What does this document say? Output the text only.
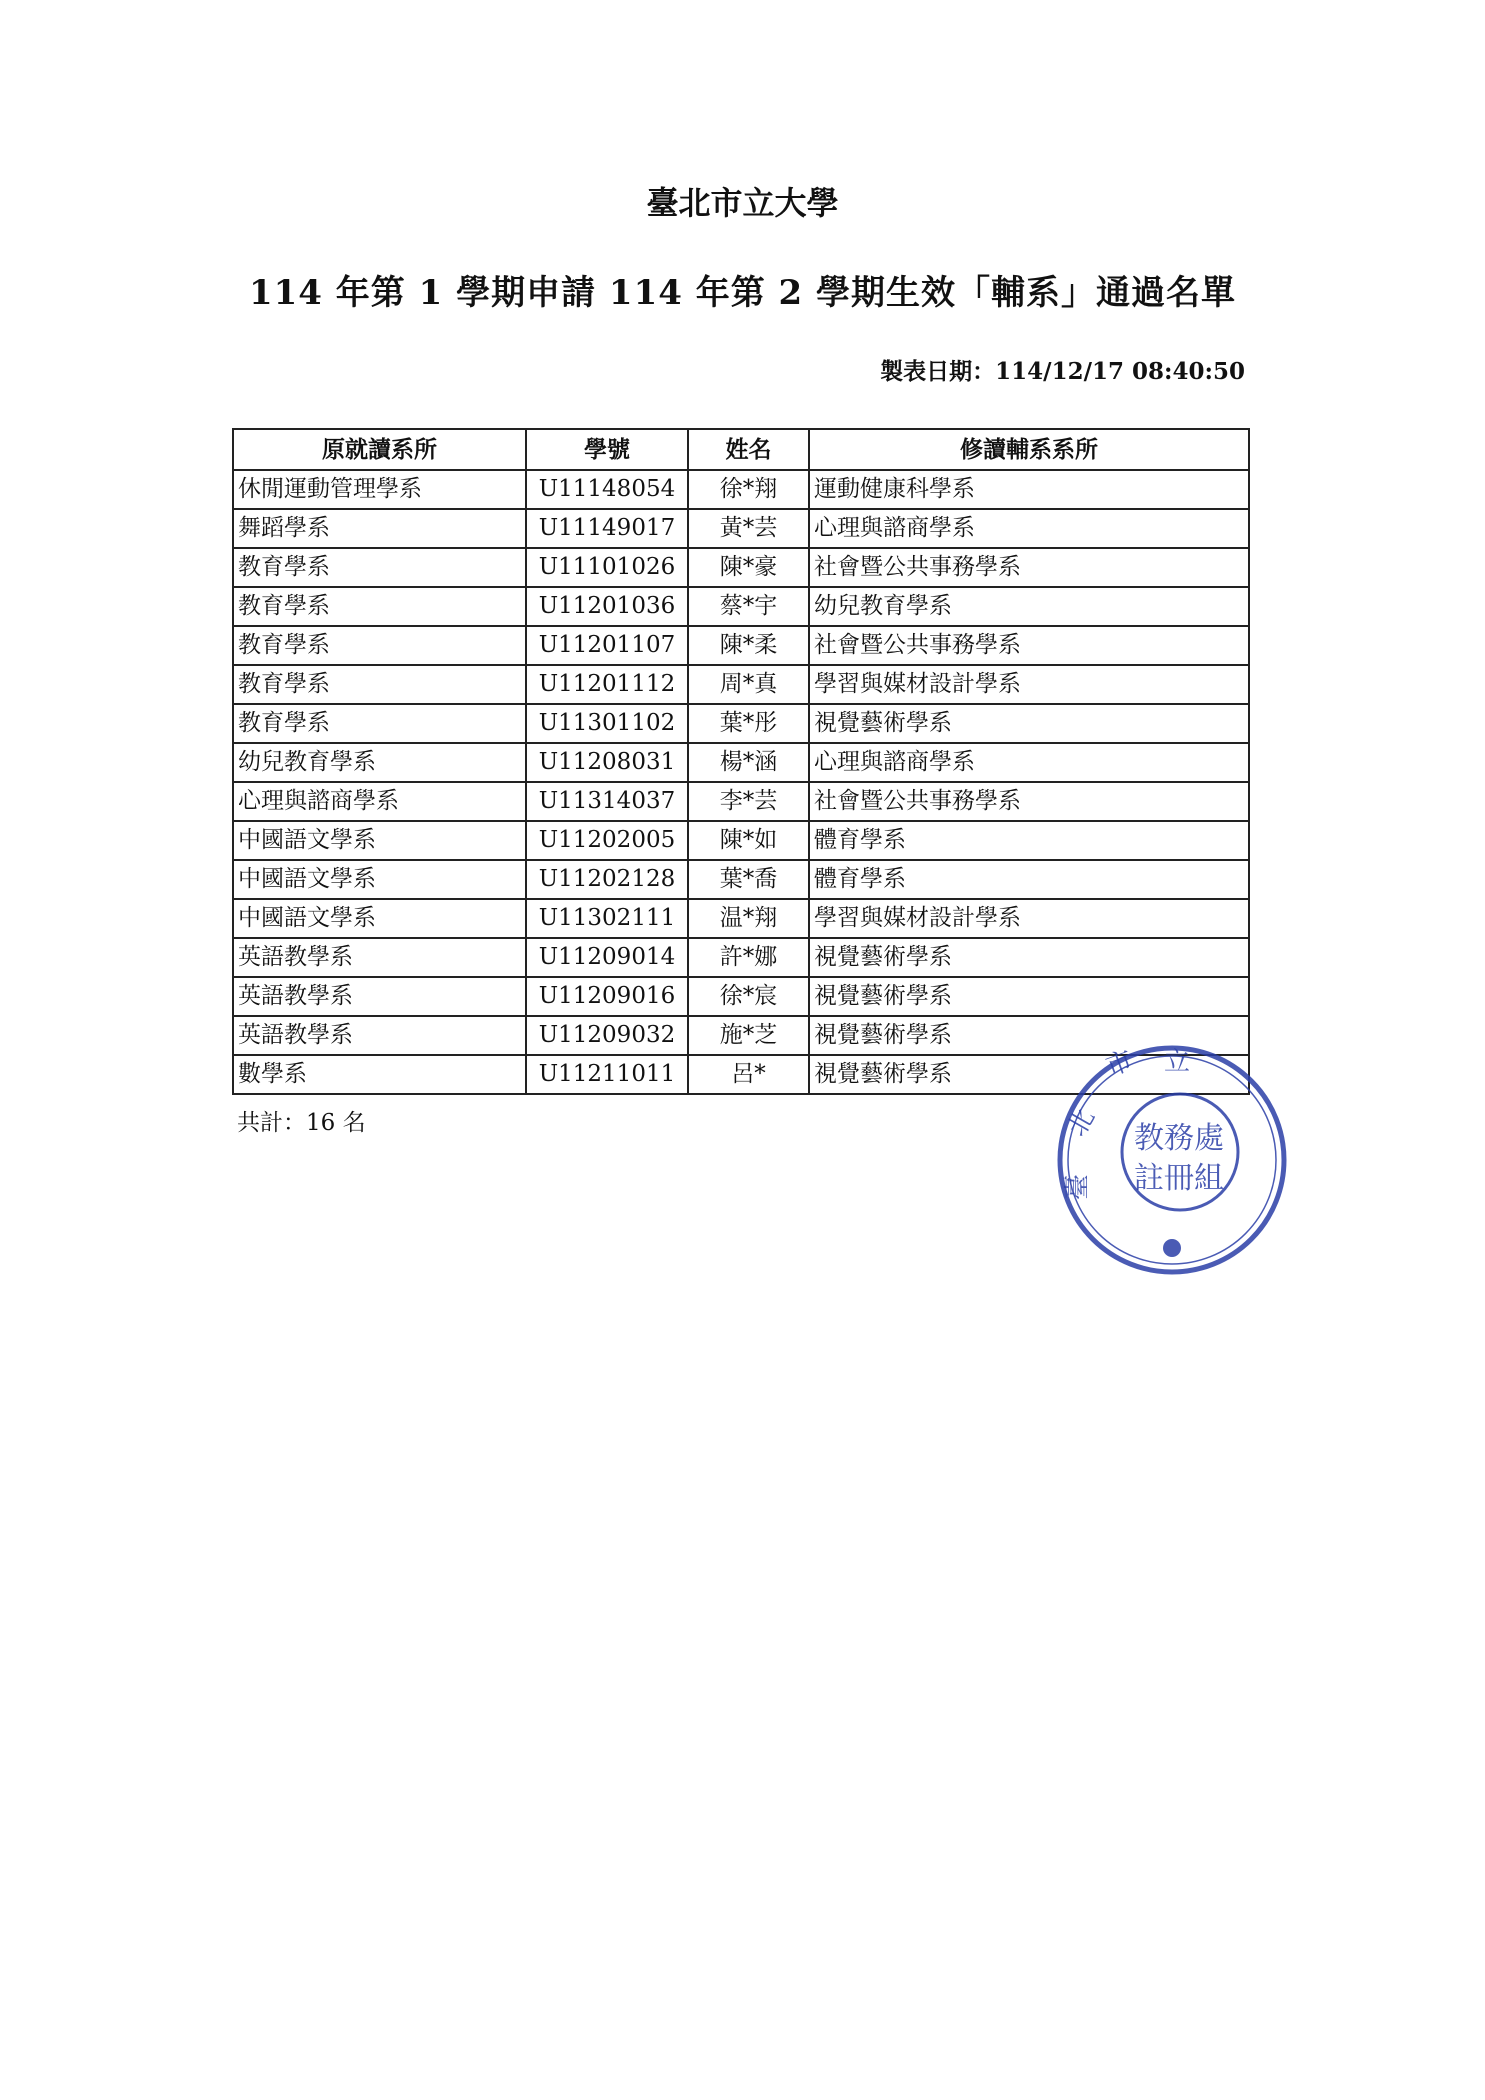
臺北市立大學
114 年第 1 學期申請 114 年第 2 學期生效「輔系」通過名單
製表日期：114/12/17 08:40:50
原就讀系所	學號	姓名	修讀輔系系所
休閒運動管理學系	U11148054	徐*翔	運動健康科學系
舞蹈學系	U11149017	黃*芸	心理與諮商學系
教育學系	U11101026	陳*豪	社會暨公共事務學系
教育學系	U11201036	蔡*宇	幼兒教育學系
教育學系	U11201107	陳*柔	社會暨公共事務學系
教育學系	U11201112	周*真	學習與媒材設計學系
教育學系	U11301102	葉*彤	視覺藝術學系
幼兒教育學系	U11208031	楊*涵	心理與諮商學系
心理與諮商學系	U11314037	李*芸	社會暨公共事務學系
中國語文學系	U11202005	陳*如	體育學系
中國語文學系	U11202128	葉*喬	體育學系
中國語文學系	U11302111	温*翔	學習與媒材設計學系
英語教學系	U11209014	許*娜	視覺藝術學系
英語教學系	U11209016	徐*宸	視覺藝術學系
英語教學系	U11209032	施*芝	視覺藝術學系
數學系	U11211011	呂*	視覺藝術學系
共計：16 名
市 立
北
臺
教務處
註冊組
